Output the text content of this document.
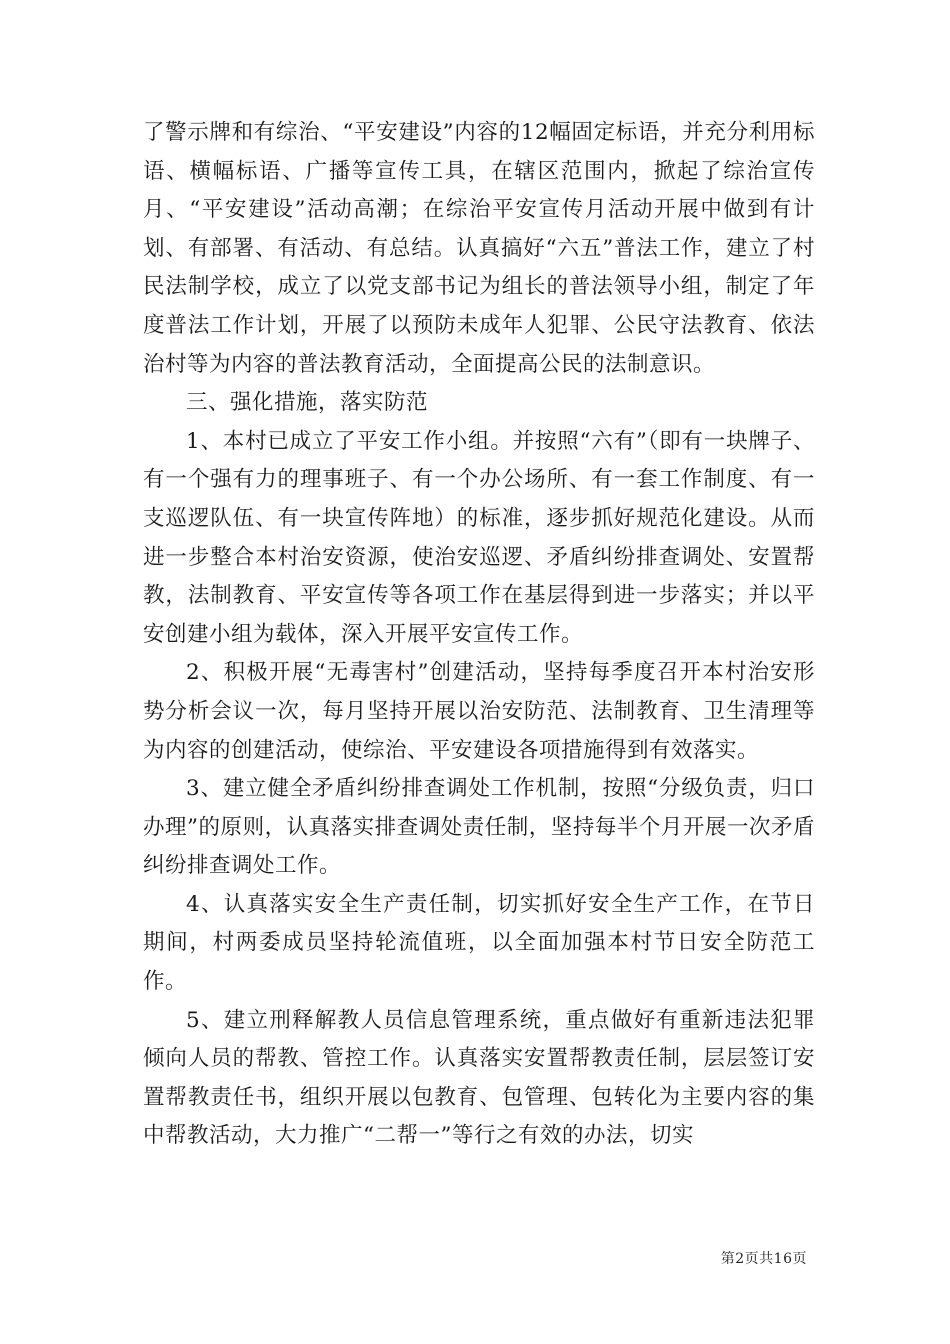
了警示牌和有综治、“平安建设”内容的12幅固定标语，并充分利用标语、横幅标语、广播等宣传工具，在辖区范围内，掀起了综治宣传月、“平安建设”活动高潮；在综治平安宣传月活动开展中做到有计划、有部署、有活动、有总结。认真搞好“六五”普法工作，建立了村民法制学校，成立了以党支部书记为组长的普法领导小组，制定了年度普法工作计划，开展了以预防未成年人犯罪、公民守法教育、依法治村等为内容的普法教育活动，全面提高公民的法制意识。

三、强化措施，落实防范

1、本村已成立了平安工作小组。并按照“六有”（即有一块牌子、有一个强有力的理事班子、有一个办公场所、有一套工作制度、有一支巡逻队伍、有一块宣传阵地）的标准，逐步抓好规范化建设。从而进一步整合本村治安资源，使治安巡逻、矛盾纠纷排查调处、安置帮教，法制教育、平安宣传等各项工作在基层得到进一步落实；并以平安创建小组为载体，深入开展平安宣传工作。

2、积极开展“无毒害村”创建活动，坚持每季度召开本村治安形势分析会议一次，每月坚持开展以治安防范、法制教育、卫生清理等为内容的创建活动，使综治、平安建设各项措施得到有效落实。

3、建立健全矛盾纠纷排查调处工作机制，按照“分级负责，归口办理”的原则，认真落实排查调处责任制，坚持每半个月开展一次矛盾纠纷排查调处工作。

4、认真落实安全生产责任制，切实抓好安全生产工作，在节日期间，村两委成员坚持轮流值班，以全面加强本村节日安全防范工作。

5、建立刑释解教人员信息管理系统，重点做好有重新违法犯罪倾向人员的帮教、管控工作。认真落实安置帮教责任制，层层签订安置帮教责任书，组织开展以包教育、包管理、包转化为主要内容的集中帮教活动，大力推广“二帮一”等行之有效的办法，切实

第2页共16页
